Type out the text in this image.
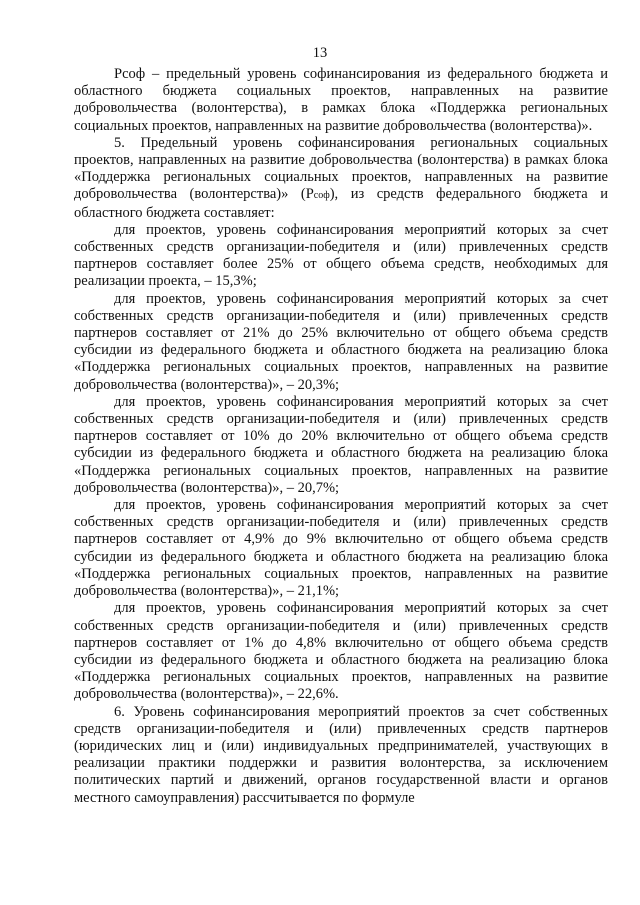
13

Рсоф – предельный уровень софинансирования из федерального бюджета и областного бюджета социальных проектов, направленных на развитие добровольчества (волонтерства), в рамках блока «Поддержка региональных социальных проектов, направленных на развитие добровольчества (волонтерства)».

5. Предельный уровень софинансирования региональных социальных проектов, направленных на развитие добровольчества (волонтерства) в рамках блока «Поддержка региональных социальных проектов, направленных на развитие добровольчества (волонтерства)» (Рсоф), из средств федерального бюджета и областного бюджета составляет:

для проектов, уровень софинансирования мероприятий которых за счет собственных средств организации-победителя и (или) привлеченных средств партнеров составляет более 25% от общего объема средств, необходимых для реализации проекта, – 15,3%;

для проектов, уровень софинансирования мероприятий которых за счет собственных средств организации-победителя и (или) привлеченных средств партнеров составляет от 21% до 25% включительно от общего объема средств субсидии из федерального бюджета и областного бюджета на реализацию блока «Поддержка региональных социальных проектов, направленных на развитие добровольчества (волонтерства)», – 20,3%;

для проектов, уровень софинансирования мероприятий которых за счет собственных средств организации-победителя и (или) привлеченных средств партнеров составляет от 10% до 20% включительно от общего объема средств субсидии из федерального бюджета и областного бюджета на реализацию блока «Поддержка региональных социальных проектов, направленных на развитие добровольчества (волонтерства)», – 20,7%;

для проектов, уровень софинансирования мероприятий которых за счет собственных средств организации-победителя и (или) привлеченных средств партнеров составляет от 4,9% до 9% включительно от общего объема средств субсидии из федерального бюджета и областного бюджета на реализацию блока «Поддержка региональных социальных проектов, направленных на развитие добровольчества (волонтерства)», – 21,1%;

для проектов, уровень софинансирования мероприятий которых за счет собственных средств организации-победителя и (или) привлеченных средств партнеров составляет от 1% до 4,8% включительно от общего объема средств субсидии из федерального бюджета и областного бюджета на реализацию блока «Поддержка региональных социальных проектов, направленных на развитие добровольчества (волонтерства)», – 22,6%.

6. Уровень софинансирования мероприятий проектов за счет собственных средств организации-победителя и (или) привлеченных средств партнеров (юридических лиц и (или) индивидуальных предпринимателей, участвующих в реализации практики поддержки и развития волонтерства, за исключением политических партий и движений, органов государственной власти и органов местного самоуправления) рассчитывается по формуле
